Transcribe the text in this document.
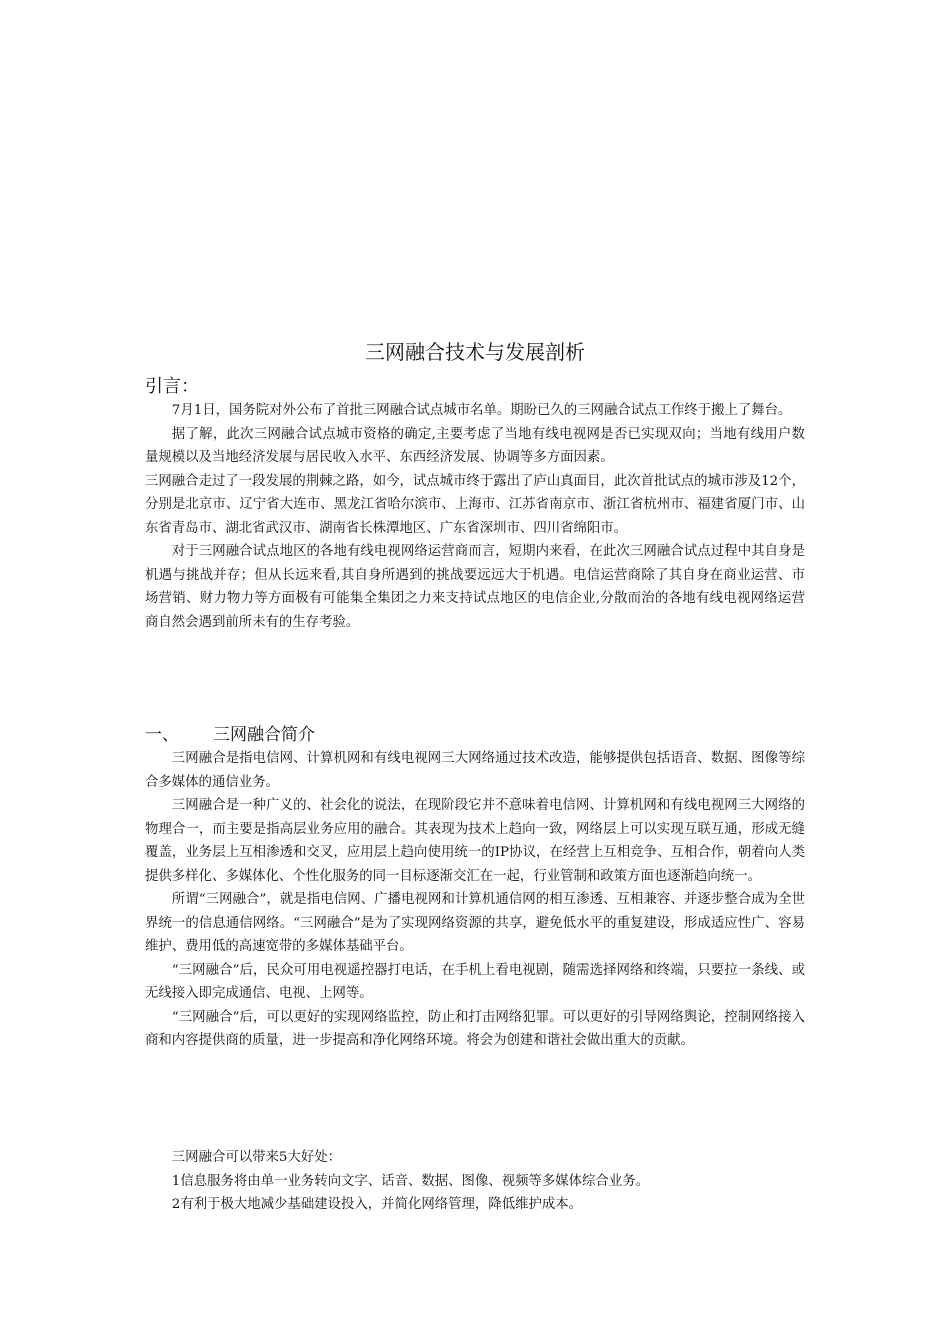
三网融合技术与发展剖析
引言：

7月1日，国务院对外公布了首批三网融合试点城市名单。期盼已久的三网融合试点工作终于搬上了舞台。

据了解，此次三网融合试点城市资格的确定,主要考虑了当地有线电视网是否已实现双向；当地有线用户数量规模以及当地经济发展与居民收入水平、东西经济发展、协调等多方面因素。

三网融合走过了一段发展的荆棘之路，如今，试点城市终于露出了庐山真面目，此次首批试点的城市涉及12个，分别是北京市、辽宁省大连市、黑龙江省哈尔滨市、上海市、江苏省南京市、浙江省杭州市、福建省厦门市、山东省青岛市、湖北省武汉市、湖南省长株潭地区、广东省深圳市、四川省绵阳市。

对于三网融合试点地区的各地有线电视网络运营商而言，短期内来看，在此次三网融合试点过程中其自身是机遇与挑战并存；但从长远来看,其自身所遇到的挑战要远远大于机遇。电信运营商除了其自身在商业运营、市场营销、财力物力等方面极有可能集全集团之力来支持试点地区的电信企业,分散而治的各地有线电视网络运营商自然会遇到前所未有的生存考验。

一、 三网融合简介

三网融合是指电信网、计算机网和有线电视网三大网络通过技术改造，能够提供包括语音、数据、图像等综合多媒体的通信业务。

三网融合是一种广义的、社会化的说法，在现阶段它并不意味着电信网、计算机网和有线电视网三大网络的物理合一，而主要是指高层业务应用的融合。其表现为技术上趋向一致，网络层上可以实现互联互通，形成无缝覆盖，业务层上互相渗透和交叉，应用层上趋向使用统一的IP协议，在经营上互相竞争、互相合作，朝着向人类提供多样化、多媒体化、个性化服务的同一目标逐渐交汇在一起，行业管制和政策方面也逐渐趋向统一。

所谓“三网融合”，就是指电信网、广播电视网和计算机通信网的相互渗透、互相兼容、并逐步整合成为全世界统一的信息通信网络。“三网融合”是为了实现网络资源的共享，避免低水平的重复建设，形成适应性广、容易维护、费用低的高速宽带的多媒体基础平台。

“三网融合”后，民众可用电视遥控器打电话，在手机上看电视剧，随需选择网络和终端，只要拉一条线、或无线接入即完成通信、电视、上网等。

“三网融合”后，可以更好的实现网络监控，防止和打击网络犯罪。可以更好的引导网络舆论，控制网络接入商和内容提供商的质量，进一步提高和净化网络环境。将会为创建和谐社会做出重大的贡献。

三网融合可以带来5大好处：

1信息服务将由单一业务转向文字、话音、数据、图像、视频等多媒体综合业务。

2有利于极大地减少基础建设投入，并简化网络管理，降低维护成本。
